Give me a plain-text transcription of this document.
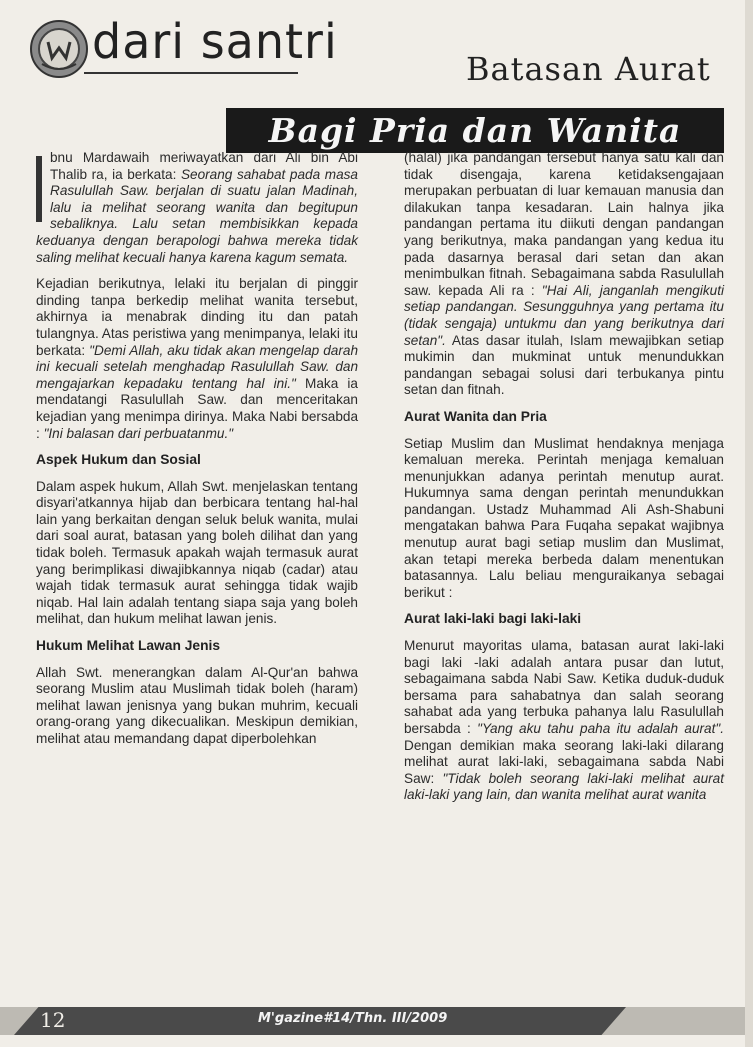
dari santri	Batasan Aurat
Bagi Pria dan Wanita

bnu Mardawaih meriwayatkan dari Ali bin Abi Thalib ra, ia berkata: Seorang sahabat pada masa Rasulullah Saw. berjalan di suatu jalan Madinah, lalu ia melihat seorang wanita dan begitupun sebaliknya. Lalu setan membisikkan kepada keduanya dengan berapologi bahwa mereka tidak saling melihat kecuali hanya karena kagum semata.

Kejadian berikutnya, lelaki itu berjalan di pinggir dinding tanpa berkedip melihat wanita tersebut, akhirnya ia menabrak dinding itu dan patah tulangnya. Atas peristiwa yang menimpanya, lelaki itu berkata: "Demi Allah, aku tidak akan mengelap darah ini kecuali setelah menghadap Rasulullah Saw. dan mengajarkan kepadaku tentang hal ini." Maka ia mendatangi Rasulullah Saw. dan menceritakan kejadian yang menimpa dirinya. Maka Nabi bersabda : "Ini balasan dari perbuatanmu."

Aspek Hukum dan Sosial

Dalam aspek hukum, Allah Swt. menjelaskan tentang disyari'atkannya hijab dan berbicara tentang hal-hal lain yang berkaitan dengan seluk beluk wanita, mulai dari soal aurat, batasan yang boleh dilihat dan yang tidak boleh. Termasuk apakah wajah termasuk aurat yang berimplikasi diwajibkannya niqab (cadar) atau wajah tidak termasuk aurat sehingga tidak wajib niqab. Hal lain adalah tentang siapa saja yang boleh melihat, dan hukum melihat lawan jenis.

Hukum Melihat Lawan Jenis

Allah Swt. menerangkan dalam Al-Qur'an bahwa seorang Muslim atau Muslimah tidak boleh (haram) melihat lawan jenisnya yang bukan muhrim, kecuali orang-orang yang dikecualikan. Meskipun demikian, melihat atau memandang dapat diperbolehkan

(halal) jika pandangan tersebut hanya satu kali dan tidak disengaja, karena ketidaksengajaan merupakan perbuatan di luar kemauan manusia dan dilakukan tanpa kesadaran. Lain halnya jika pandangan pertama itu diikuti dengan pandangan yang berikutnya, maka pandangan yang kedua itu pada dasarnya berasal dari setan dan akan menimbulkan fitnah. Sebagaimana sabda Rasulullah saw. kepada Ali ra : "Hai Ali, janganlah mengikuti setiap pandangan. Sesungguhnya yang pertama itu (tidak sengaja) untukmu dan yang berikutnya dari setan". Atas dasar itulah, Islam mewajibkan setiap mukimin dan mukminat untuk menundukkan pandangan sebagai solusi dari terbukanya pintu setan dan fitnah.

Aurat Wanita dan Pria

Setiap Muslim dan Muslimat hendaknya menjaga kemaluan mereka. Perintah menjaga kemaluan menunjukkan adanya perintah menutup aurat. Hukumnya sama dengan perintah menundukkan pandangan. Ustadz Muhammad Ali Ash-Shabuni mengatakan bahwa Para Fuqaha sepakat wajibnya menutup aurat bagi setiap muslim dan Muslimat, akan tetapi mereka berbeda dalam menentukan batasannya. Lalu beliau menguraikanya sebagai berikut :

Aurat laki-laki bagi laki-laki

Menurut mayoritas ulama, batasan aurat laki-laki bagi laki -laki adalah antara pusar dan lutut, sebagaimana sabda Nabi Saw. Ketika duduk-duduk bersama para sahabatnya dan salah seorang sahabat ada yang terbuka pahanya lalu Rasulullah bersabda : "Yang aku tahu paha itu adalah aurat". Dengan demikian maka seorang laki-laki dilarang melihat aurat laki-laki, sebagaimana sabda Nabi Saw: "Tidak boleh seorang laki-laki melihat aurat laki-laki yang lain, dan wanita melihat aurat wanita

12	M'gazine#14/Thn. III/2009
